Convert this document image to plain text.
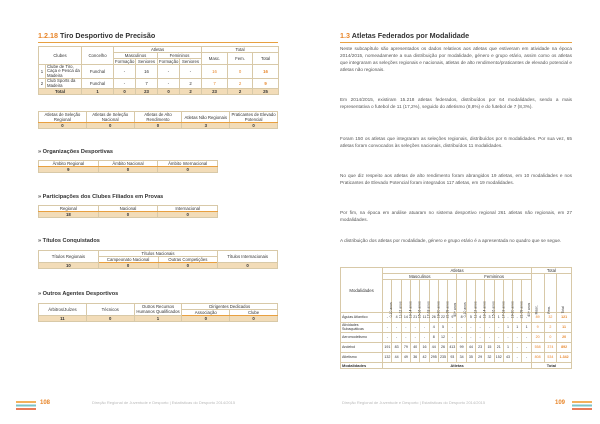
1.2.18 Tiro Desportivo de Precisão
Clubes		Concelho	Atletas				Total		
			Masculinos		Femininos		Masc.	Fem.	Total
			Formação	Seniores	Formação	Seniores			
1	Clube de Tiro, Caça e Pesca da Madeira	Funchal	-	16	-	-	16	0	16
2	Club Sports da Madeira	Funchal	-	7	-	2	7	2	9
Total		1	0	23	0	2	23	2	25
Atletas de Seleção Regional	Atletas de Seleção Nacional	Atletas de Alto Rendimento	Atletas Não Regionais	Praticantes de Elevado Potencial
0	0	0	3	0
» Organizações Desportivas
Âmbito Regional	Âmbito Nacional	Âmbito Internacional
9	0	0
» Participações dos Clubes Filiados em Provas
Regional	Nacional	Internacional
18	0	0
» Títulos Conquistados
Títulos Regionais	Títulos Nacionais		Títulos Internacionais
	Campeonato Nacional	Outras Competições	
10	0	0	0
» Outros Agentes Desportivos
Árbitros/Juízes	Técnicos	Outros Recursos Humanos Qualificados	Dirigentes Dedicados	
			Associação	Clube
11	0	1	0	0
108	Direção Regional de Juventude e Desporto | Estatísticas do Desporto 2014/2015
1.3 Atletas Federados por Modalidade
Neste subcapítulo são apresentados os dados relativos aos atletas que estiveram em atividade na época 2014/2015, nomeadamente a sua distribuição por modalidade, género e grupo etário, assim como os atletas que integraram as seleções regionais e nacionais, atletas de alto rendimento/praticantes de elevado potencial e atletas não regionais.
Em 2014/2015, existiram 15.218 atletas federados, distribuídos por 64 modalidades, sendo a mais representativa o futebol de 11 (17,2%), seguido do atletismo (8,8%) e do futebol de 7 (8,3%).
Foram 150 os atletas que integraram as seleções regionais, distribuídos por 6 modalidades. Por sua vez, 65 atletas foram convocados às seleções nacionais, distribuídos 11 modalidades.
No que diz respeito aos atletas de alto rendimento foram abrangidos 19 atletas, em 10 modalidades e nos Praticantes de Elevado Potencial foram integrados 117 atletas, em 19 modalidades.
Por fim, na época em análise atuaram no sistema desportivo regional 261 atletas não regionais, em 27 modalidades.
A distribuição dos atletas por modalidade, género e grupo etário é a apresentada no quadro que se segue.
Modalidades	Atletas																Total		
	Masculinos								Femininos								Masc.	Fem.	Total
	0-10 anos	11-12 anos	13-14 anos	15-16 anos	17-18 anos	19-20 anos	21-39 anos	40+ anos	0-10 anos	11-12 anos	13-14 anos	15-16 anos	17-18 anos	19-20 anos	21-39 anos	40+ anos			
Águias Atlantico	-	4	14	21	11	26	22	9	8	5	4	3	1	-	-	-	89	32	121
Atividades Subaquáticas	-	-	-	-	-	4	5	-	-	-	-	-	-	1	1	1	9	2	11
Aeromodelismo	-	-	-	-	-	8	12	-	-	-	-	-	-	-	-	-	20	0	20
Andebol	191	83	79	40	16	44	26	413	99	44	23	15	21	1	-	-	558	374	892
Atletismo	132	44	49	36	42	295	235	93	34	35	29	32	152	43	-	-	808	534	1.342
Modalidades	Atletas																Total		
109
Direção Regional de Juventude e Desporto | Estatísticas do Desporto 2014/2015
